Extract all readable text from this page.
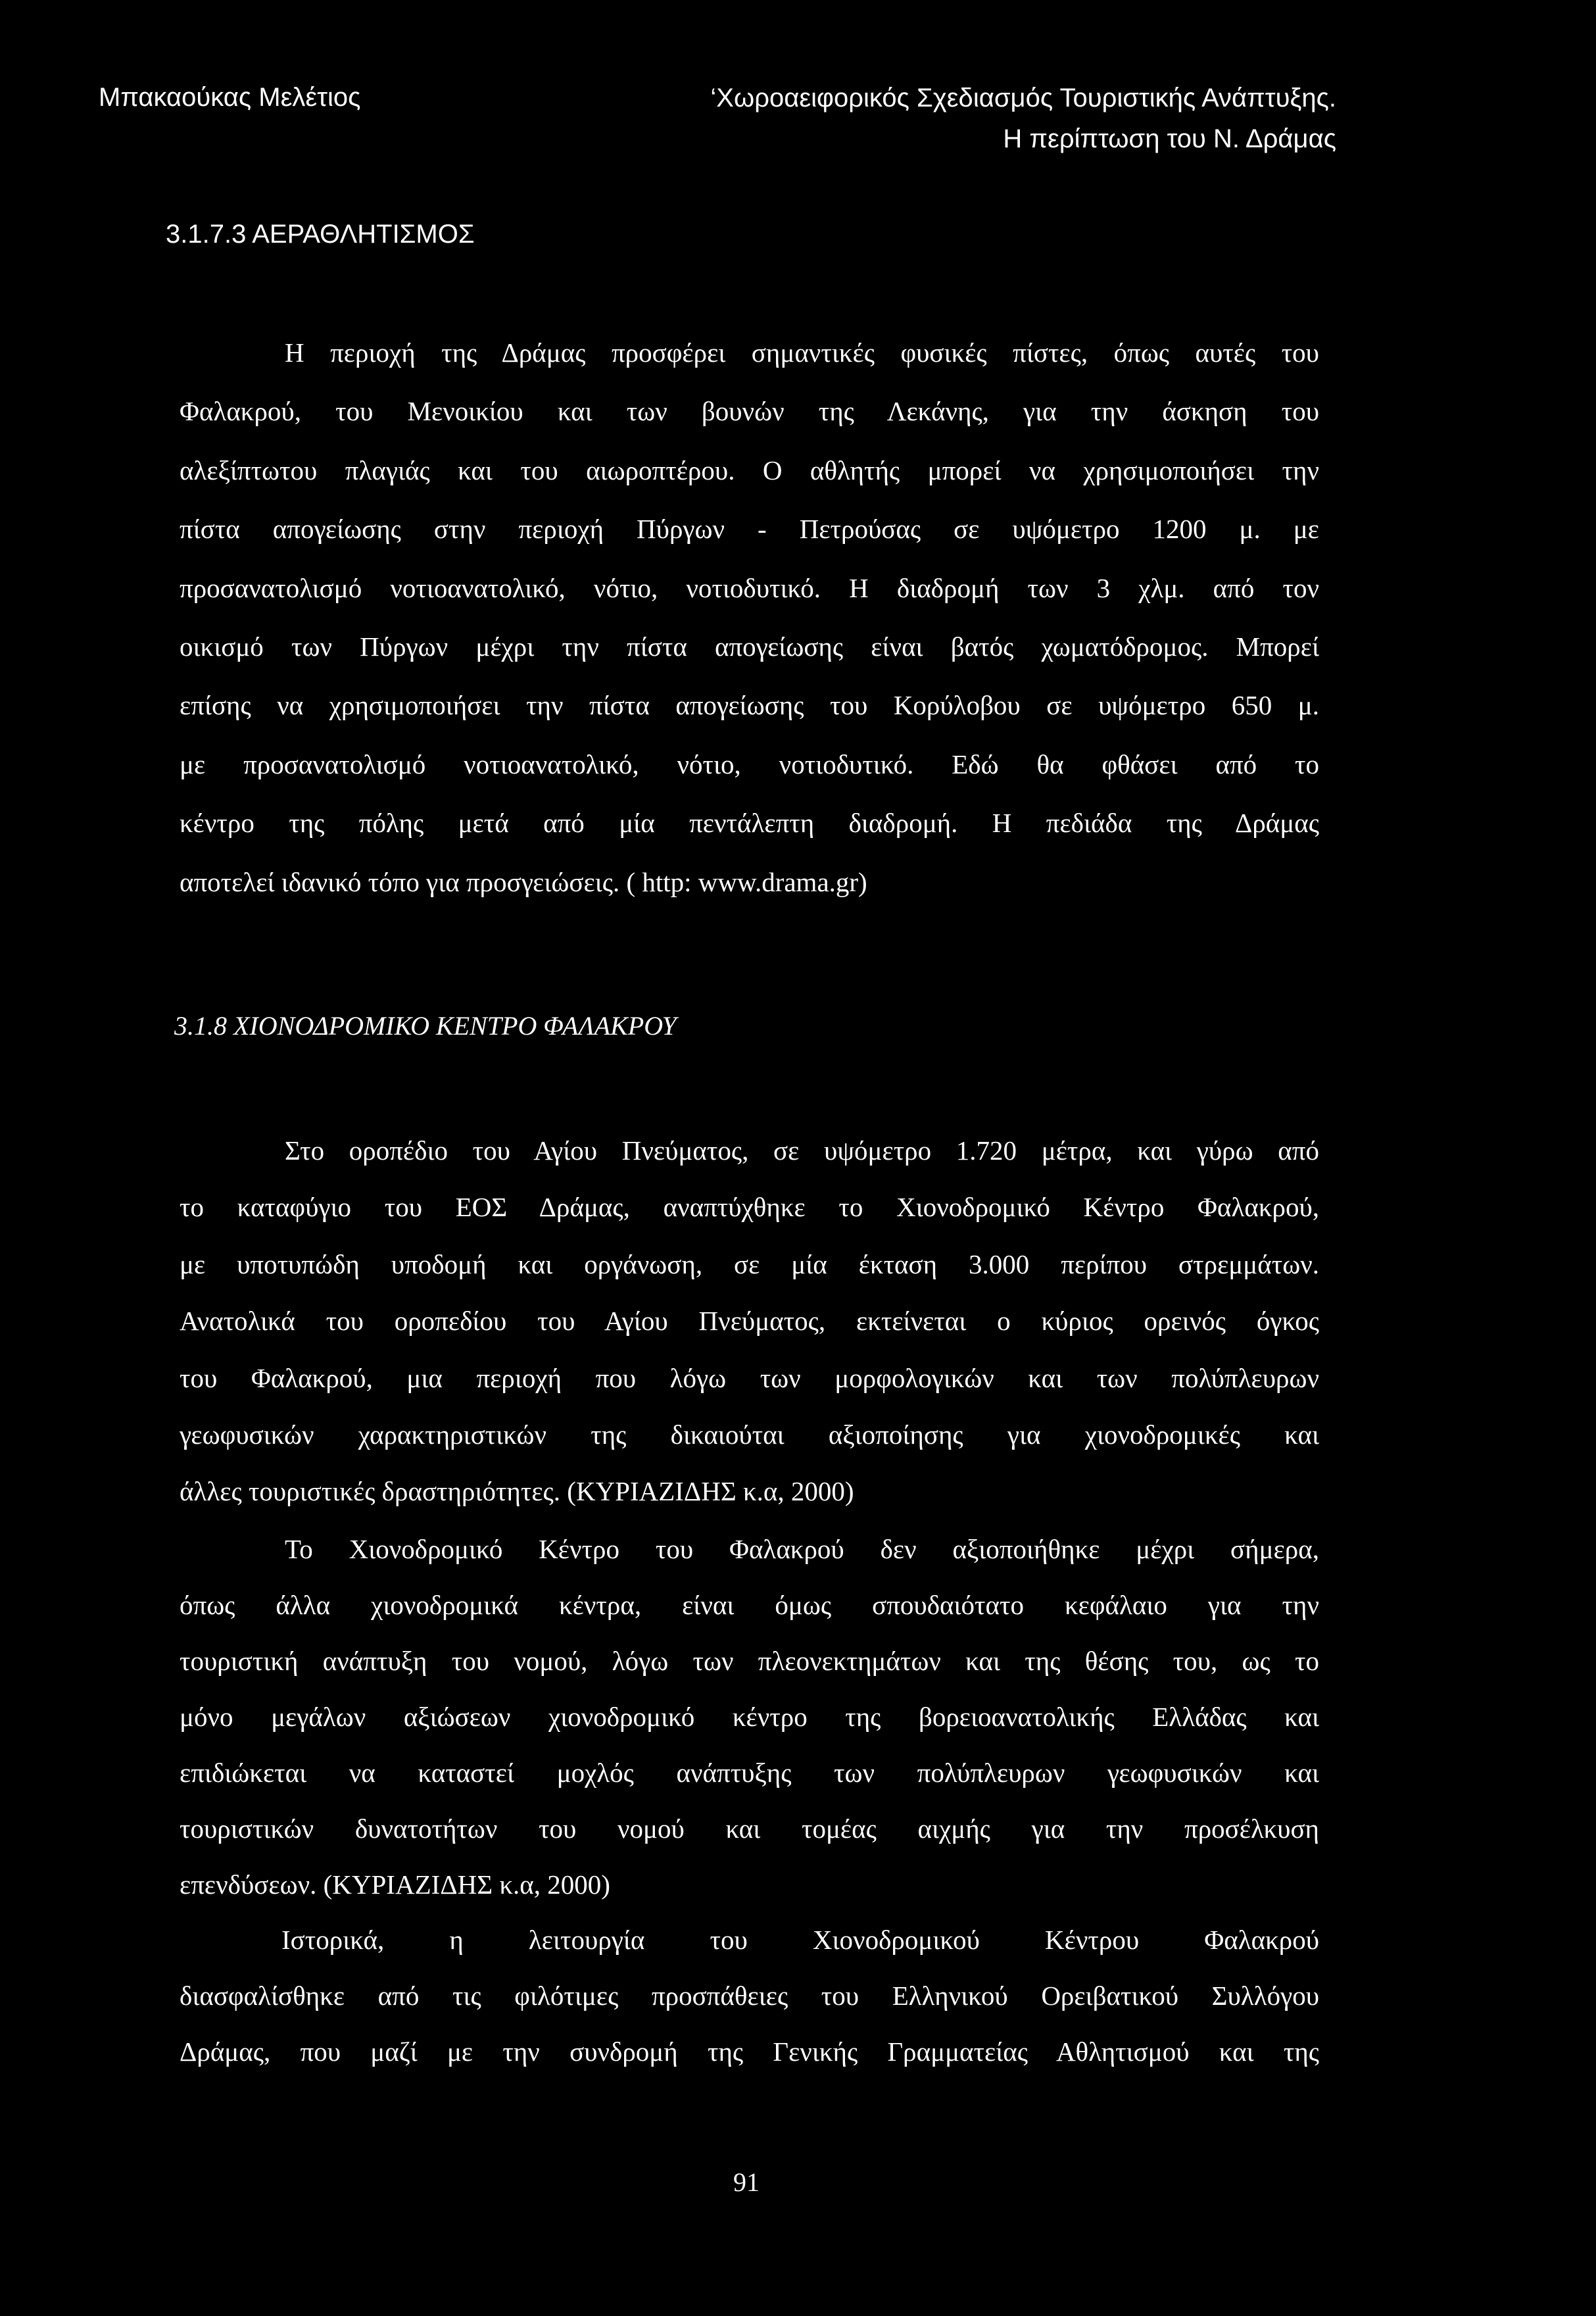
Μπακαούκας Μελέτιος	‘Χωροαειφορικός Σχεδιασμός Τουριστικής Ανάπτυξης.
Η περίπτωση του Ν. Δράμας
3.1.7.3 ΑΕΡΑΘΛΗΤΙΣΜΟΣ
Η περιοχή της Δράμας προσφέρει σημαντικές φυσικές πίστες, όπως αυτές του
Φαλακρού, του Μενοικίου και των βουνών της Λεκάνης, για την άσκηση του
αλεξίπτωτου πλαγιάς και του αιωροπτέρου. Ο αθλητής μπορεί να χρησιμοποιήσει την
πίστα απογείωσης στην περιοχή Πύργων - Πετρούσας σε υψόμετρο 1200 μ. με
προσανατολισμό νοτιοανατολικό, νότιο, νοτιοδυτικό. Η διαδρομή των 3 χλμ. από τον
οικισμό των Πύργων μέχρι την πίστα απογείωσης είναι βατός χωματόδρομος. Μπορεί
επίσης να χρησιμοποιήσει την πίστα απογείωσης του Κορύλοβου σε υψόμετρο 650 μ.
με προσανατολισμό νοτιοανατολικό, νότιο, νοτιοδυτικό. Εδώ θα φθάσει από το
κέντρο της πόλης μετά από μία πεντάλεπτη διαδρομή. Η πεδιάδα της Δράμας
αποτελεί ιδανικό τόπο για προσγειώσεις. ( http: www.drama.gr)
3.1.8 ΧΙΟΝΟΔΡΟΜΙΚΟ ΚΕΝΤΡΟ ΦΑΛΑΚΡΟΥ
Στο οροπέδιο του Αγίου Πνεύματος, σε υψόμετρο 1.720 μέτρα, και γύρω από
το καταφύγιο του ΕΟΣ Δράμας, αναπτύχθηκε το Χιονοδρομικό Κέντρο Φαλακρού,
με υποτυπώδη υποδομή και οργάνωση, σε μία έκταση 3.000 περίπου στρεμμάτων.
Ανατολικά του οροπεδίου του Αγίου Πνεύματος, εκτείνεται ο κύριος ορεινός όγκος
του Φαλακρού, μια περιοχή που λόγω των μορφολογικών και των πολύπλευρων
γεωφυσικών χαρακτηριστικών της δικαιούται αξιοποίησης για χιονοδρομικές και
άλλες τουριστικές δραστηριότητες. (ΚΥΡΙΑΖΙΔΗΣ κ.α, 2000)
Το Χιονοδρομικό Κέντρο του Φαλακρού δεν αξιοποιήθηκε μέχρι σήμερα,
όπως άλλα χιονοδρομικά κέντρα, είναι όμως σπουδαιότατο κεφάλαιο για την
τουριστική ανάπτυξη του νομού, λόγω των πλεονεκτημάτων και της θέσης του, ως το
μόνο μεγάλων αξιώσεων χιονοδρομικό κέντρο της βορειοανατολικής Ελλάδας και
επιδιώκεται να καταστεί μοχλός ανάπτυξης των πολύπλευρων γεωφυσικών και
τουριστικών δυνατοτήτων του νομού και τομέας αιχμής για την προσέλκυση
επενδύσεων. (ΚΥΡΙΑΖΙΔΗΣ κ.α, 2000)
Ιστορικά, η λειτουργία του Χιονοδρομικού Κέντρου Φαλακρού
διασφαλίσθηκε από τις φιλότιμες προσπάθειες του Ελληνικού Ορειβατικού Συλλόγου
Δράμας, που μαζί με την συνδρομή της Γενικής Γραμματείας Αθλητισμού και της
91
